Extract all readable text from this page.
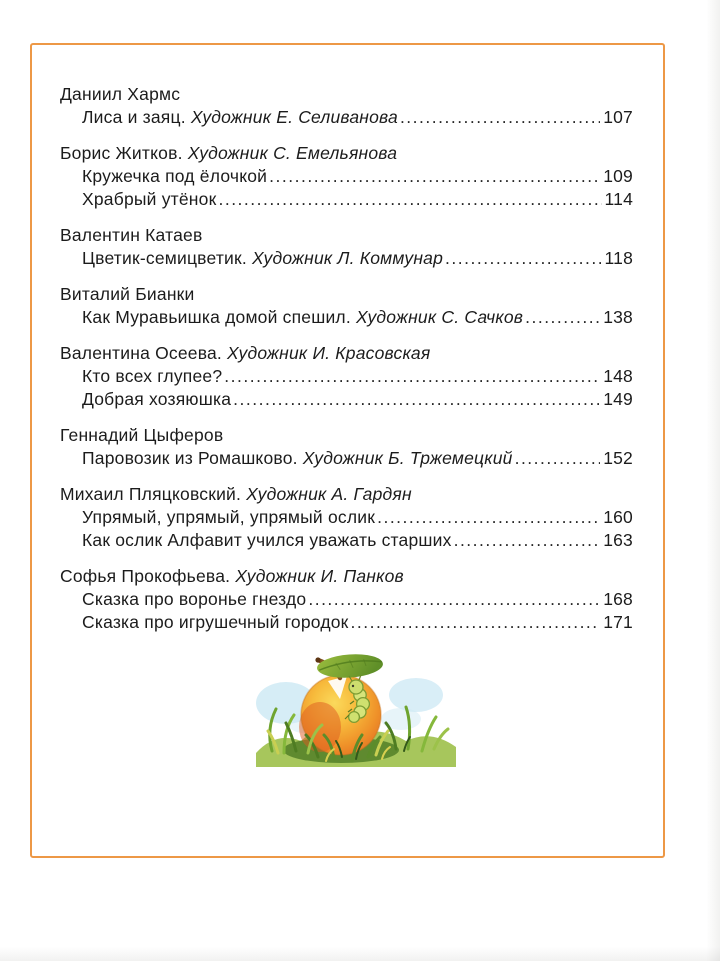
Даниил Хармс
Лиса и заяц. Художник Е. Селиванова .....	107
Борис Житков. Художник С. Емельянова
Кружечка под ёлочкой .....	109
Храбрый утёнок .....	114
Валентин Катаев
Цветик-семицветик. Художник Л. Коммунар .....	118
Виталий Бианки
Как Муравьишка домой спешил. Художник С. Сачков .....	138
Валентина Осеева. Художник И. Красовская
Кто всех глупее? .....	148
Добрая хозяюшка .....	149
Геннадий Цыферов
Паровозик из Ромашково. Художник Б. Тржемецкий .....	152
Михаил Пляцковский. Художник А. Гардян
Упрямый, упрямый, упрямый ослик .....	160
Как ослик Алфавит учился уважать старших .....	163
Софья Прокофьева. Художник И. Панков
Сказка про воронье гнездо .....	168
Сказка про игрушечный городок .....	171
